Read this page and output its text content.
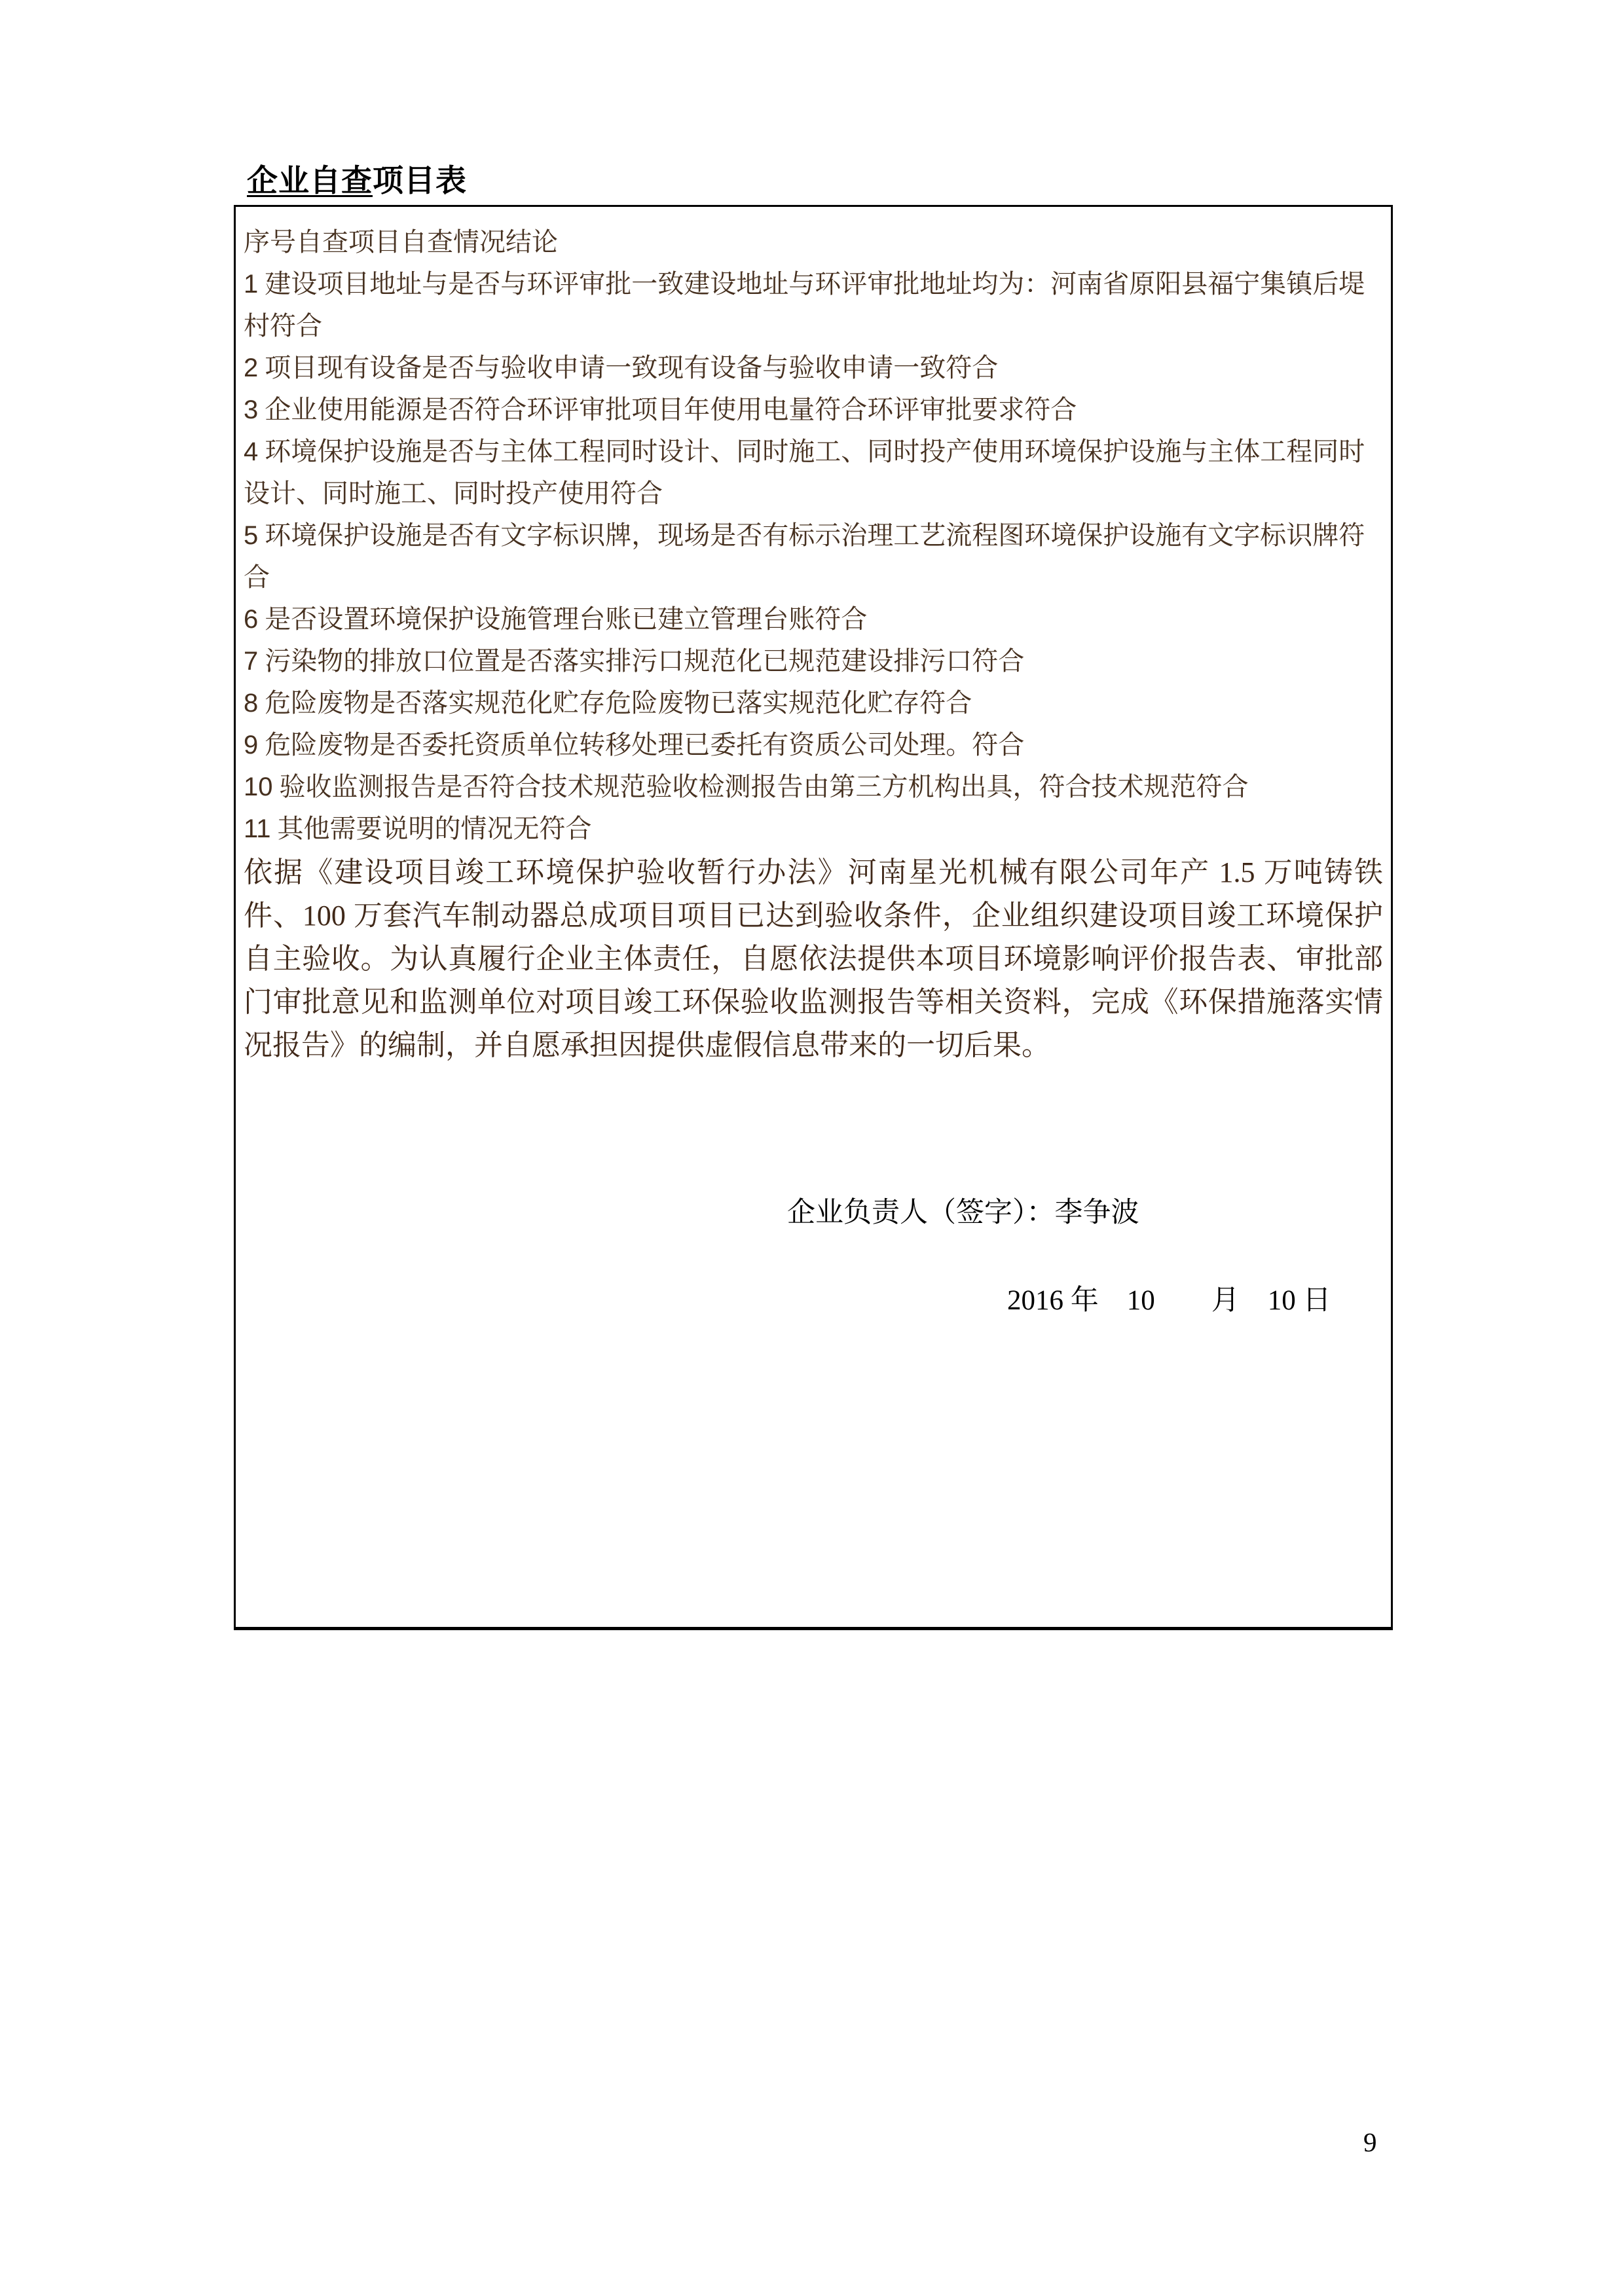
企业自查项目表
序号自查项目自查情况结论
1 建设项目地址与是否与环评审批一致建设地址与环评审批地址均为：河南省原阳县福宁集镇后堤村符合
2 项目现有设备是否与验收申请一致现有设备与验收申请一致符合
3 企业使用能源是否符合环评审批项目年使用电量符合环评审批要求符合
4 环境保护设施是否与主体工程同时设计、同时施工、同时投产使用环境保护设施与主体工程同时设计、同时施工、同时投产使用符合
5 环境保护设施是否有文字标识牌，现场是否有标示治理工艺流程图环境保护设施有文字标识牌符合
6 是否设置环境保护设施管理台账已建立管理台账符合
7 污染物的排放口位置是否落实排污口规范化已规范建设排污口符合
8 危险废物是否落实规范化贮存危险废物已落实规范化贮存符合
9 危险废物是否委托资质单位转移处理已委托有资质公司处理。符合
10 验收监测报告是否符合技术规范验收检测报告由第三方机构出具，符合技术规范符合
11 其他需要说明的情况无符合
依据《建设项目竣工环境保护验收暂行办法》河南星光机械有限公司年产 1.5 万吨铸铁件、100 万套汽车制动器总成项目项目已达到验收条件，企业组织建设项目竣工环境保护自主验收。为认真履行企业主体责任，自愿依法提供本项目环境影响评价报告表、审批部门审批意见和监测单位对项目竣工环保验收监测报告等相关资料，完成《环保措施落实情况报告》的编制，并自愿承担因提供虚假信息带来的一切后果。
企业负责人（签字）：李争波
2016 年　10　　月　10 日
9
